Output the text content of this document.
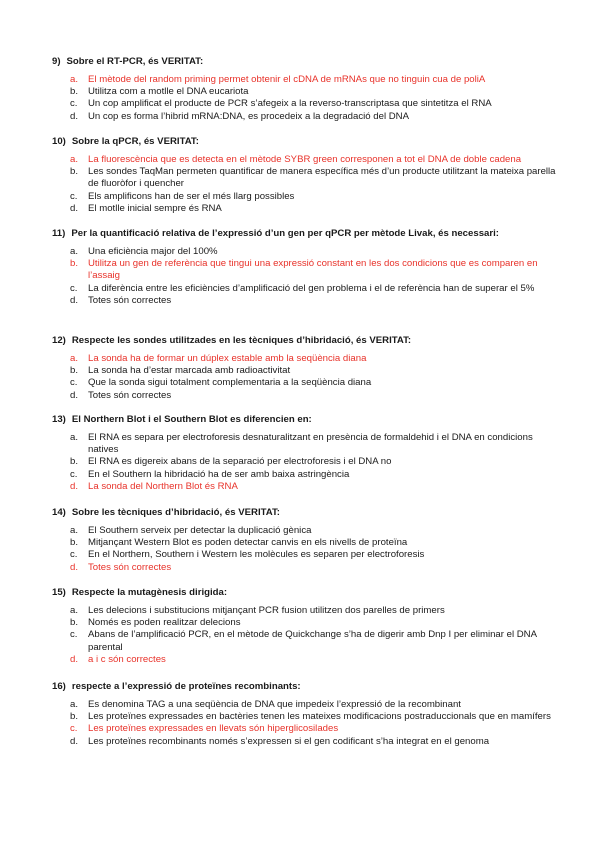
9) Sobre el RT-PCR, és VERITAT:

a. El mètode del random priming permet obtenir el cDNA de mRNAs que no tinguin cua de poliA
b. Utilitza com a motlle el DNA eucariota
c. Un cop amplificat el producte de PCR s’afegeix a la reverso-transcriptasa que sintetitza el RNA
d. Un cop es forma l’hibrid mRNA:DNA, es procedeix a la degradació del DNA

10) Sobre la qPCR, és VERITAT:

a. La fluorescència que es detecta en el mètode SYBR green corresponen a tot el DNA de doble cadena
b. Les sondes TaqMan permeten quantificar de manera específica més d’un producte utilitzant la mateixa parella de fluoròfor i quencher
c. Els amplificons han de ser el més llarg possibles
d. El motlle inicial sempre és RNA

11) Per la quantificació relativa de l’expressió d’un gen per qPCR per mètode Livak, és necessari:

a. Una eficiència major del 100%
b. Utilitza un gen de referència que tingui una expressió constant en les dos condicions que es comparen en l’assaig
c. La diferència entre les eficiències d’amplificació del gen problema i el de referència han de superar el 5%
d. Totes són correctes

12) Respecte les sondes utilitzades en les tècniques d’hibridació, és VERITAT:

a. La sonda ha de formar un dúplex estable amb la seqüència diana
b. La sonda ha d’estar marcada amb radioactivitat
c. Que la sonda sigui totalment complementaria a la seqüència diana
d. Totes són correctes

13) El Northern Blot i el Southern Blot es diferencien en:

a. El RNA es separa per electroforesis desnaturalitzant en presència de formaldehid i el DNA en condicions natives
b. El RNA es digereix abans de la separació per electroforesis i el DNA no
c. En el Southern la hibridació ha de ser amb baixa astringència
d. La sonda del Northern Blot és RNA

14) Sobre les tècniques d’hibridació, és VERITAT:

a. El Southern serveix per detectar la duplicació gènica
b. Mitjançant Western Blot es poden detectar canvis en els nivells de proteïna
c. En el Northern, Southern i Western les molècules es separen per electroforesis
d. Totes són correctes

15) Respecte la mutagènesis dirigida:

a. Les delecions i substitucions mitjançant PCR fusion utilitzen dos parelles de primers
b. Només es poden realitzar delecions
c. Abans de l’amplificació PCR, en el mètode de Quickchange s’ha de digerir amb Dnp I per eliminar el DNA parental
d. a i c són correctes

16) respecte a l’expressió de proteïnes recombinants:

a. Es denomina TAG a una seqüència de DNA que impedeix l’expressió de la recombinant
b. Les proteïnes expressades en bactèries tenen les mateixes modificacions postraduccionals que en mamífers
c. Les proteïnes expressades en llevats són hiperglicosilades
d. Les proteïnes recombinants només s’expressen si el gen codificant s’ha integrat en el genoma
